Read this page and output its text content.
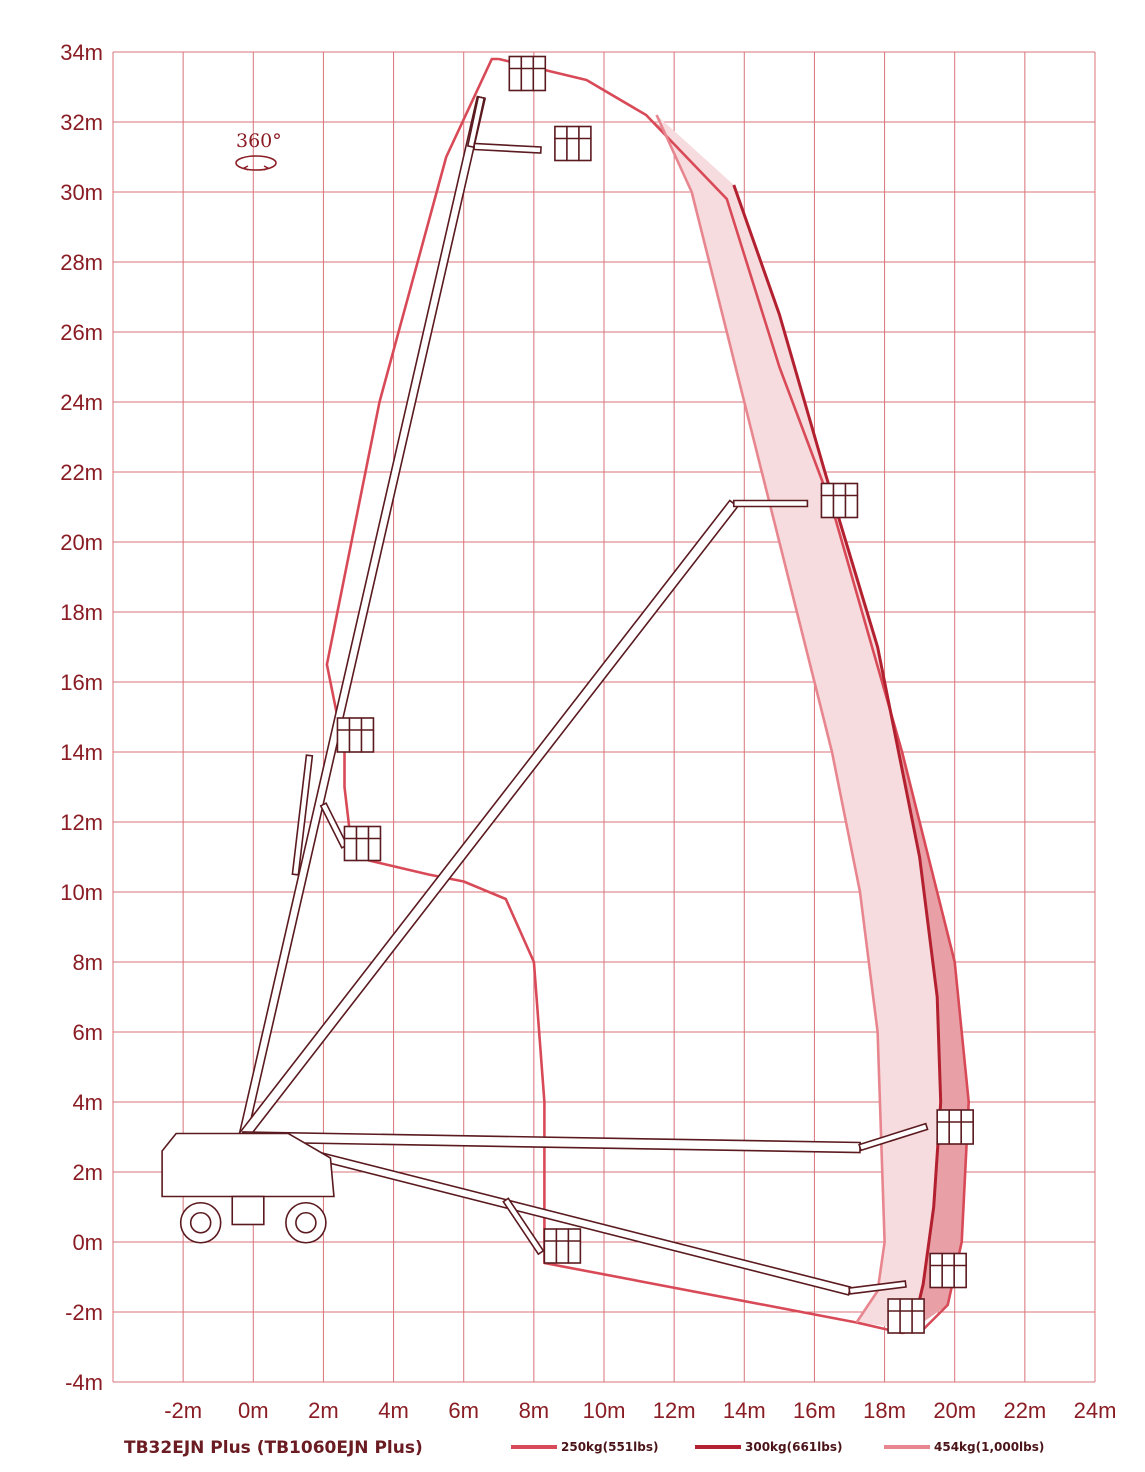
-4m
-2m
0m
2m
4m
6m
8m
10m
12m
14m
16m
18m
20m
22m
24m
26m
28m
30m
32m
34m
-2m 0m 2m 4m 6m 8m 10m 12m 14m 16m 18m 20m 22m 24m
360°
TB32EJN Plus (TB1060EJN Plus)	250kg(551lbs)	300kg(661lbs)	454kg(1,000lbs)
